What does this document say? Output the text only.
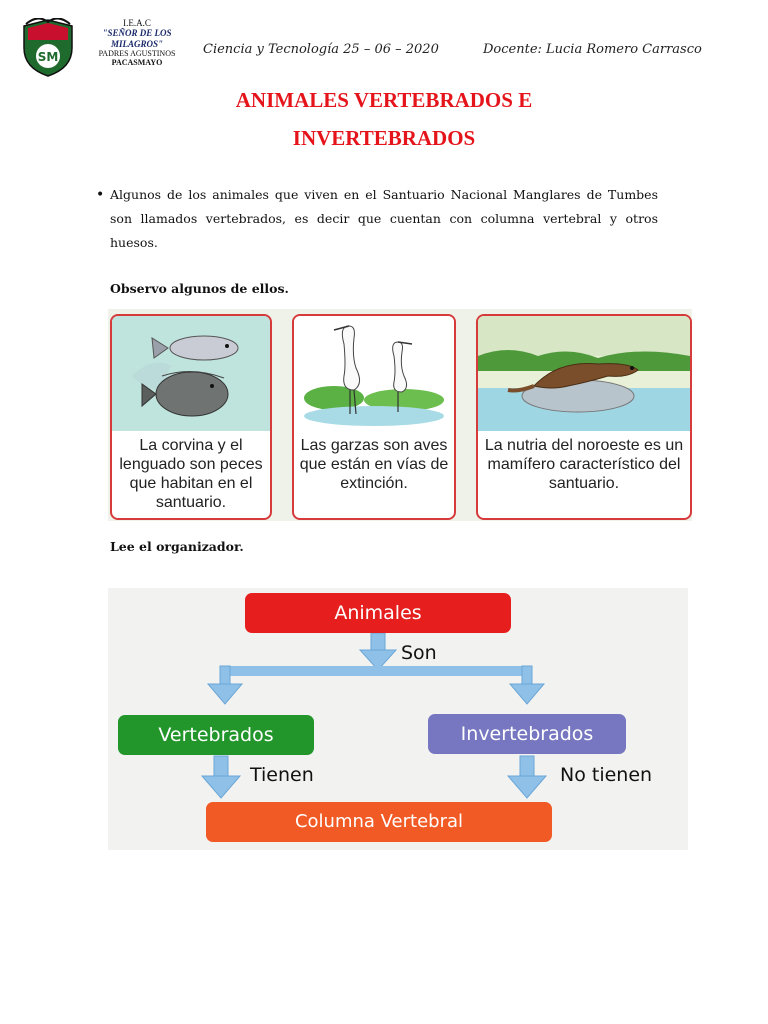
SM
I.E.A.C
"SEÑOR DE LOS MILAGROS"
PADRES AGUSTINOS
PACASMAYO
Ciencia y Tecnología 25 – 06 – 2020	Docente: Lucia Romero Carrasco
ANIMALES VERTEBRADOS E
INVERTEBRADOS
• Algunos de los animales que viven en el Santuario Nacional Manglares de Tumbes son llamados vertebrados, es decir que cuentan con columna vertebral y otros huesos.
Observo algunos de ellos.
La corvina y el lenguado son peces que habitan en el santuario.
Las garzas son aves que están en vías de extinción.
La nutria del noroeste es un mamífero característico del santuario.
Lee el organizador.
Animales
Son
Vertebrados	Invertebrados
Tienen	No tienen
Columna Vertebral
